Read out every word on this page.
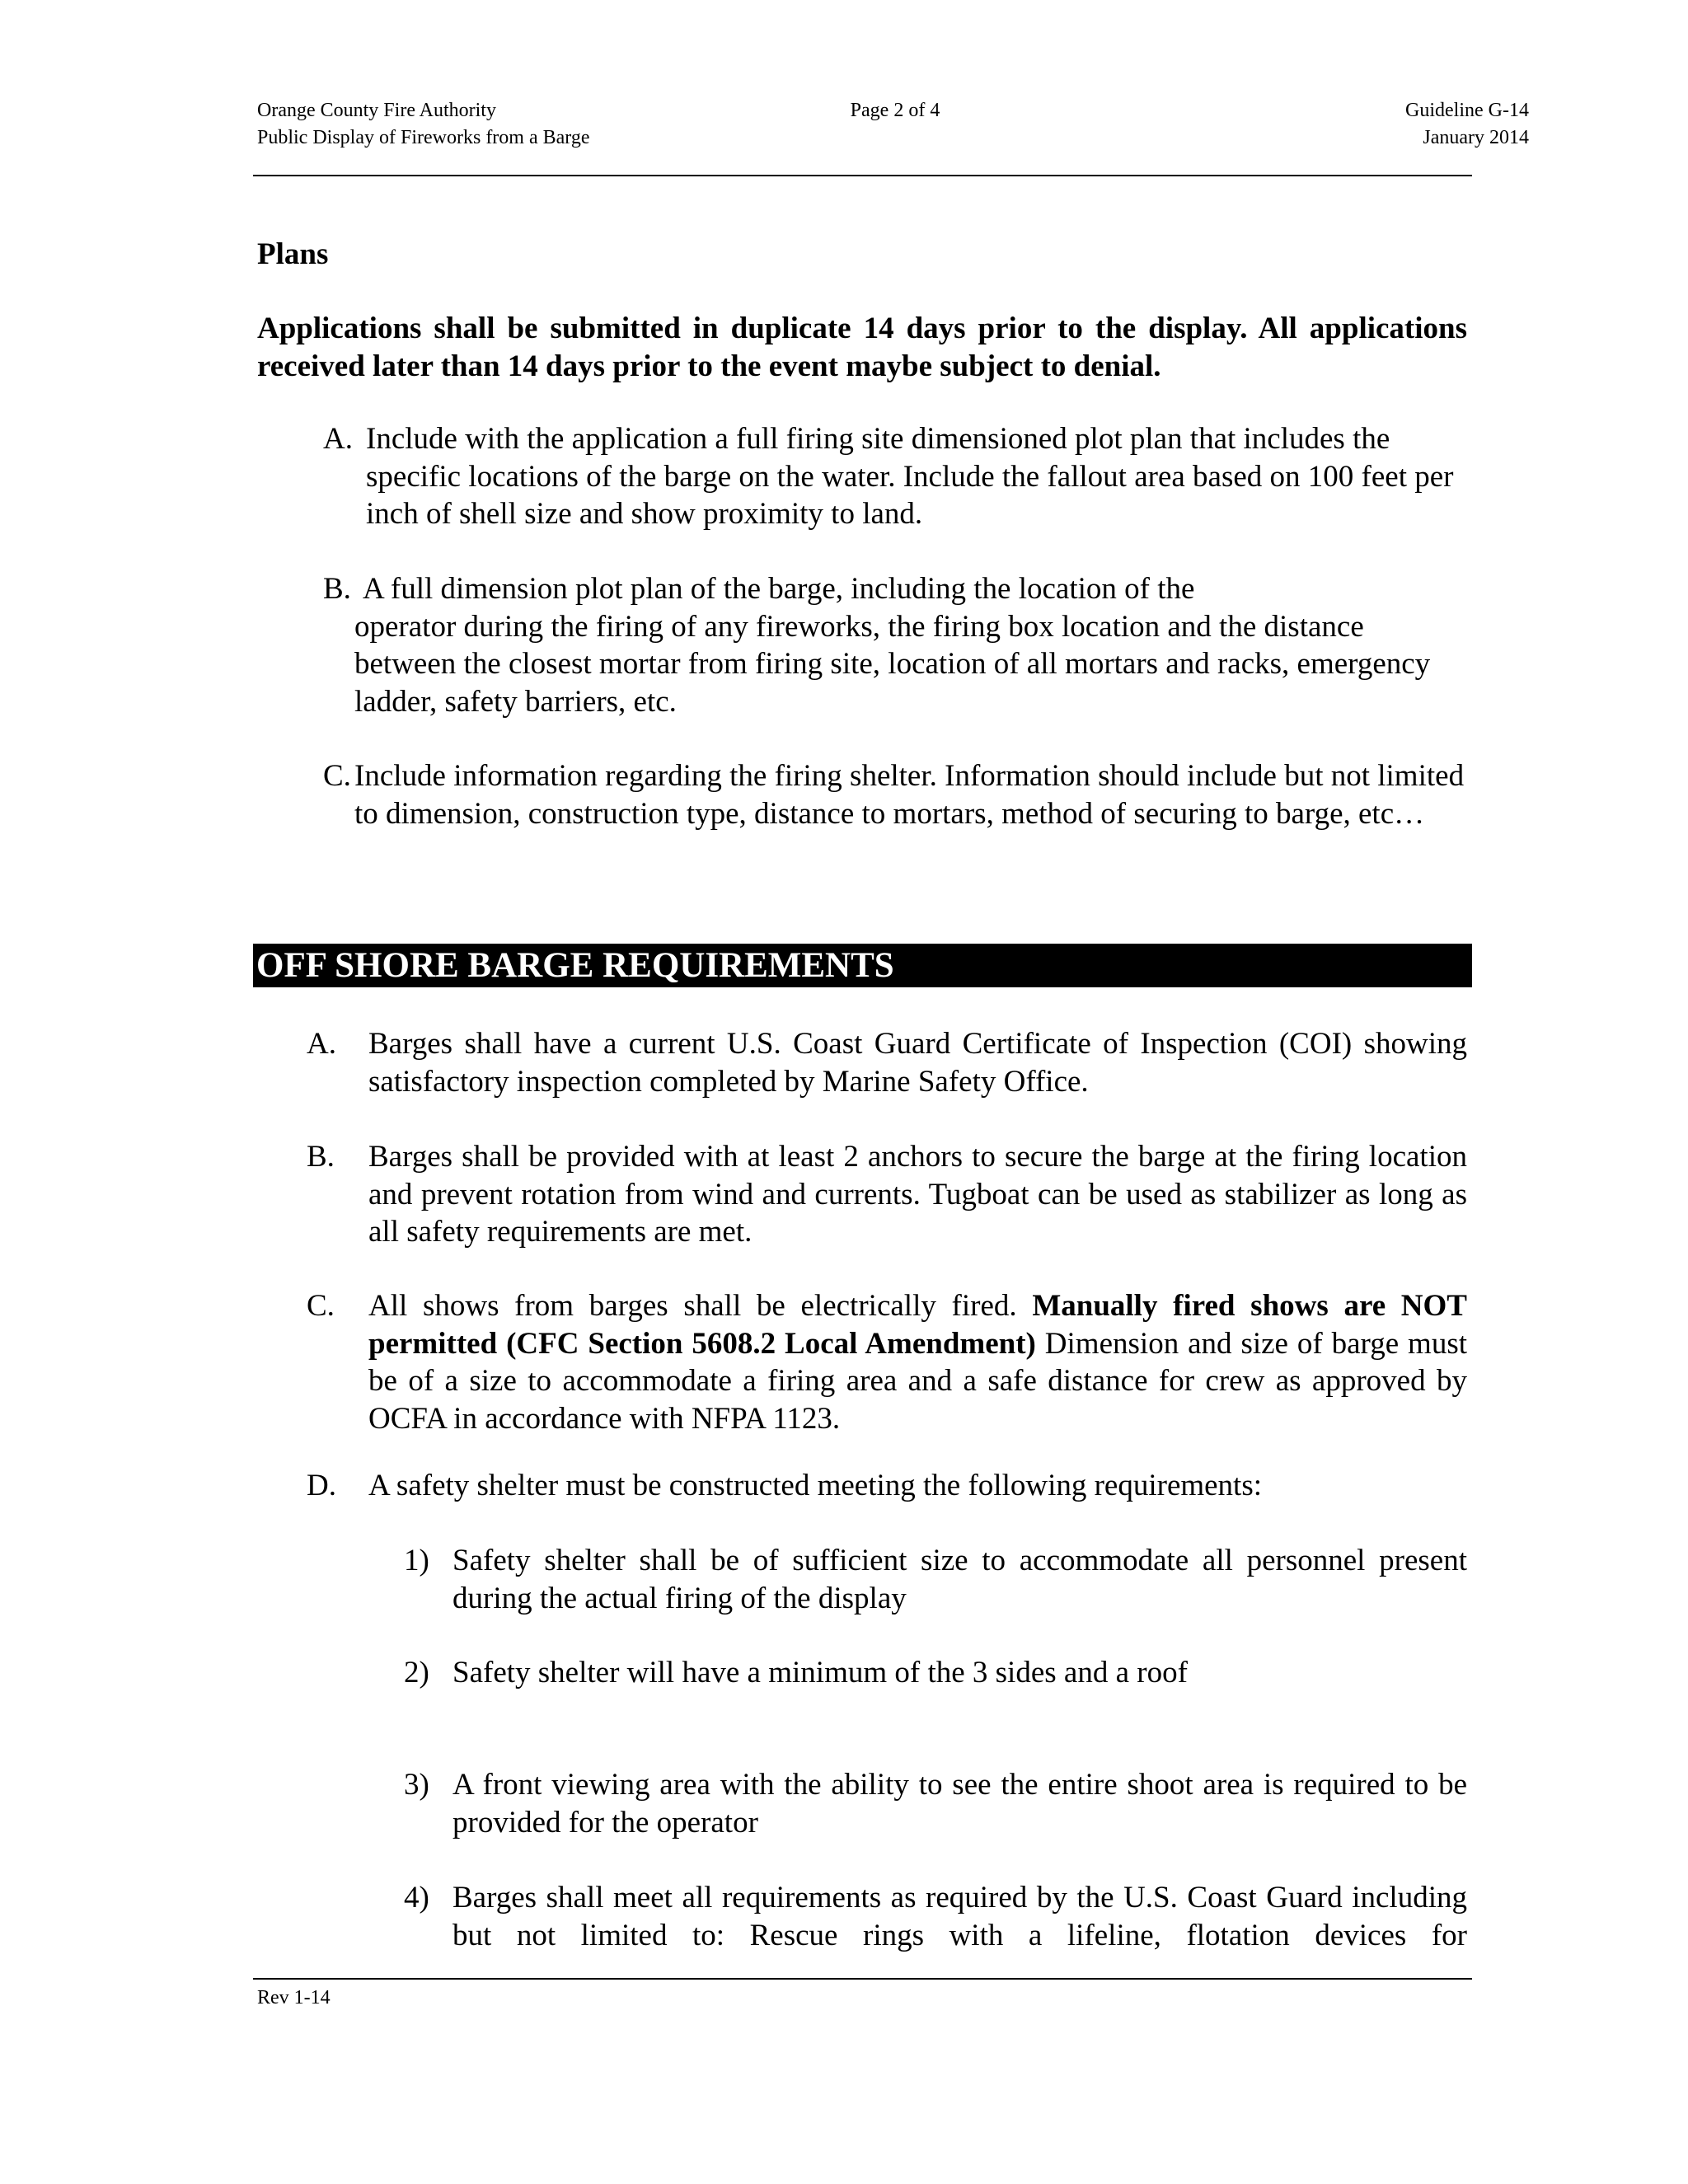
Orange County Fire Authority
Public Display of Fireworks from a Barge
Page 2 of 4	Guideline G-14
January 2014
Plans

Applications shall be submitted in duplicate 14 days prior to the display. All applications received later than 14 days prior to the event maybe subject to denial.

A. Include with the application a full firing site dimensioned plot plan that includes the specific locations of the barge on the water. Include the fallout area based on 100 feet per inch of shell size and show proximity to land.

B. A full dimension plot plan of the barge, including the location of the

operator during the firing of any fireworks, the firing box location and the distance between the closest mortar from firing site, location of all mortars and racks, emergency ladder, safety barriers, etc.

C. Include information regarding the firing shelter. Information should include but not limited to dimension, construction type, distance to mortars, method of securing to barge, etc…

OFF SHORE BARGE REQUIREMENTS
A.	Barges shall have a current U.S. Coast Guard Certificate of Inspection (COI) showing satisfactory inspection completed by Marine Safety Office.

B.	Barges shall be provided with at least 2 anchors to secure the barge at the firing location and prevent rotation from wind and currents. Tugboat can be used as stabilizer as long as all safety requirements are met.

C.	All shows from barges shall be electrically fired. Manually fired shows are NOT permitted (CFC Section 5608.2 Local Amendment) Dimension and size of barge must be of a size to accommodate a firing area and a safe distance for crew as approved by OCFA in accordance with NFPA 1123.

D.	A safety shelter must be constructed meeting the following requirements:

1) Safety shelter shall be of sufficient size to accommodate all personnel present during the actual firing of the display

2) Safety shelter will have a minimum of the 3 sides and a roof

3) A front viewing area with the ability to see the entire shoot area is required to be provided for the operator

4) Barges shall meet all requirements as required by the U.S. Coast Guard including but not limited to: Rescue rings with a lifeline, flotation devices for

Rev 1-14
